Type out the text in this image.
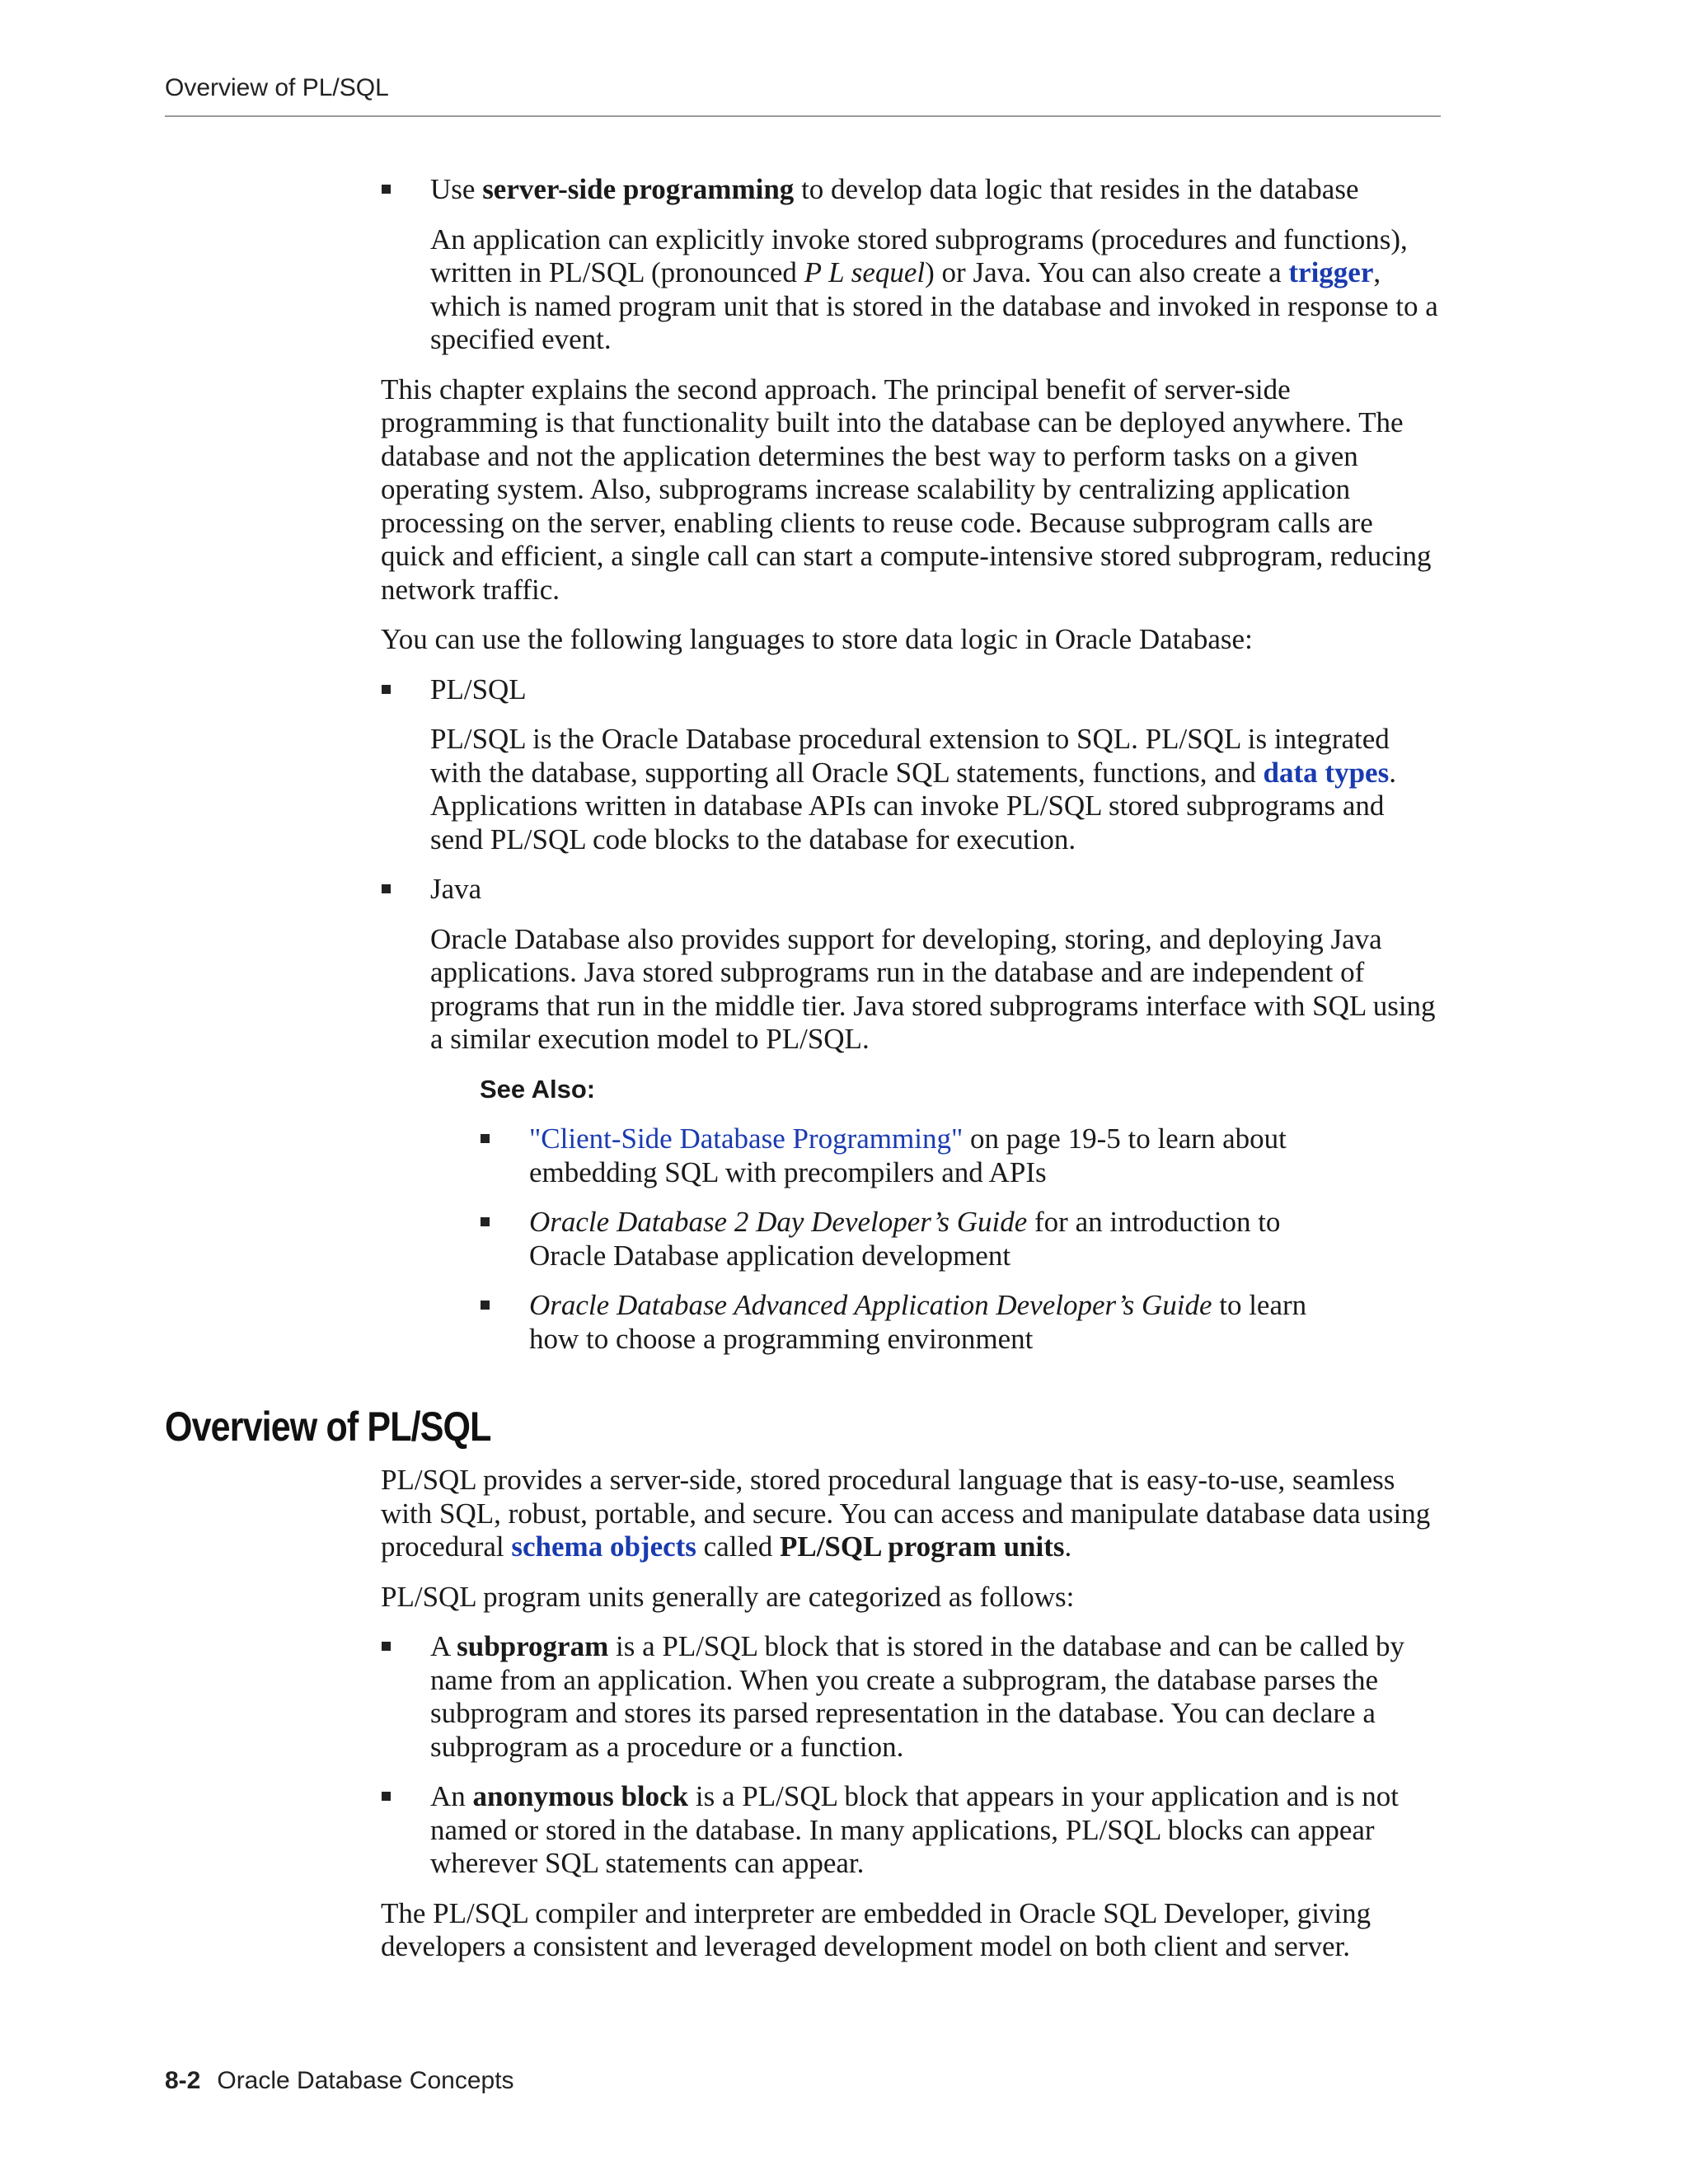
Overview of PL/SQL
Use server-side programming to develop data logic that resides in the database
An application can explicitly invoke stored subprograms (procedures and functions), written in PL/SQL (pronounced P L sequel) or Java. You can also create a trigger, which is named program unit that is stored in the database and invoked in response to a specified event.
This chapter explains the second approach. The principal benefit of server-side programming is that functionality built into the database can be deployed anywhere. The database and not the application determines the best way to perform tasks on a given operating system. Also, subprograms increase scalability by centralizing application processing on the server, enabling clients to reuse code. Because subprogram calls are quick and efficient, a single call can start a compute-intensive stored subprogram, reducing network traffic.
You can use the following languages to store data logic in Oracle Database:
PL/SQL
PL/SQL is the Oracle Database procedural extension to SQL. PL/SQL is integrated with the database, supporting all Oracle SQL statements, functions, and data types. Applications written in database APIs can invoke PL/SQL stored subprograms and send PL/SQL code blocks to the database for execution.
Java
Oracle Database also provides support for developing, storing, and deploying Java applications. Java stored subprograms run in the database and are independent of programs that run in the middle tier. Java stored subprograms interface with SQL using a similar execution model to PL/SQL.
See Also:
"Client-Side Database Programming" on page 19-5 to learn about embedding SQL with precompilers and APIs
Oracle Database 2 Day Developer’s Guide for an introduction to Oracle Database application development
Oracle Database Advanced Application Developer’s Guide to learn how to choose a programming environment
Overview of PL/SQL
PL/SQL provides a server-side, stored procedural language that is easy-to-use, seamless with SQL, robust, portable, and secure. You can access and manipulate database data using procedural schema objects called PL/SQL program units.
PL/SQL program units generally are categorized as follows:
A subprogram is a PL/SQL block that is stored in the database and can be called by name from an application. When you create a subprogram, the database parses the subprogram and stores its parsed representation in the database. You can declare a subprogram as a procedure or a function.
An anonymous block is a PL/SQL block that appears in your application and is not named or stored in the database. In many applications, PL/SQL blocks can appear wherever SQL statements can appear.
The PL/SQL compiler and interpreter are embedded in Oracle SQL Developer, giving developers a consistent and leveraged development model on both client and server.
8-2 Oracle Database Concepts
